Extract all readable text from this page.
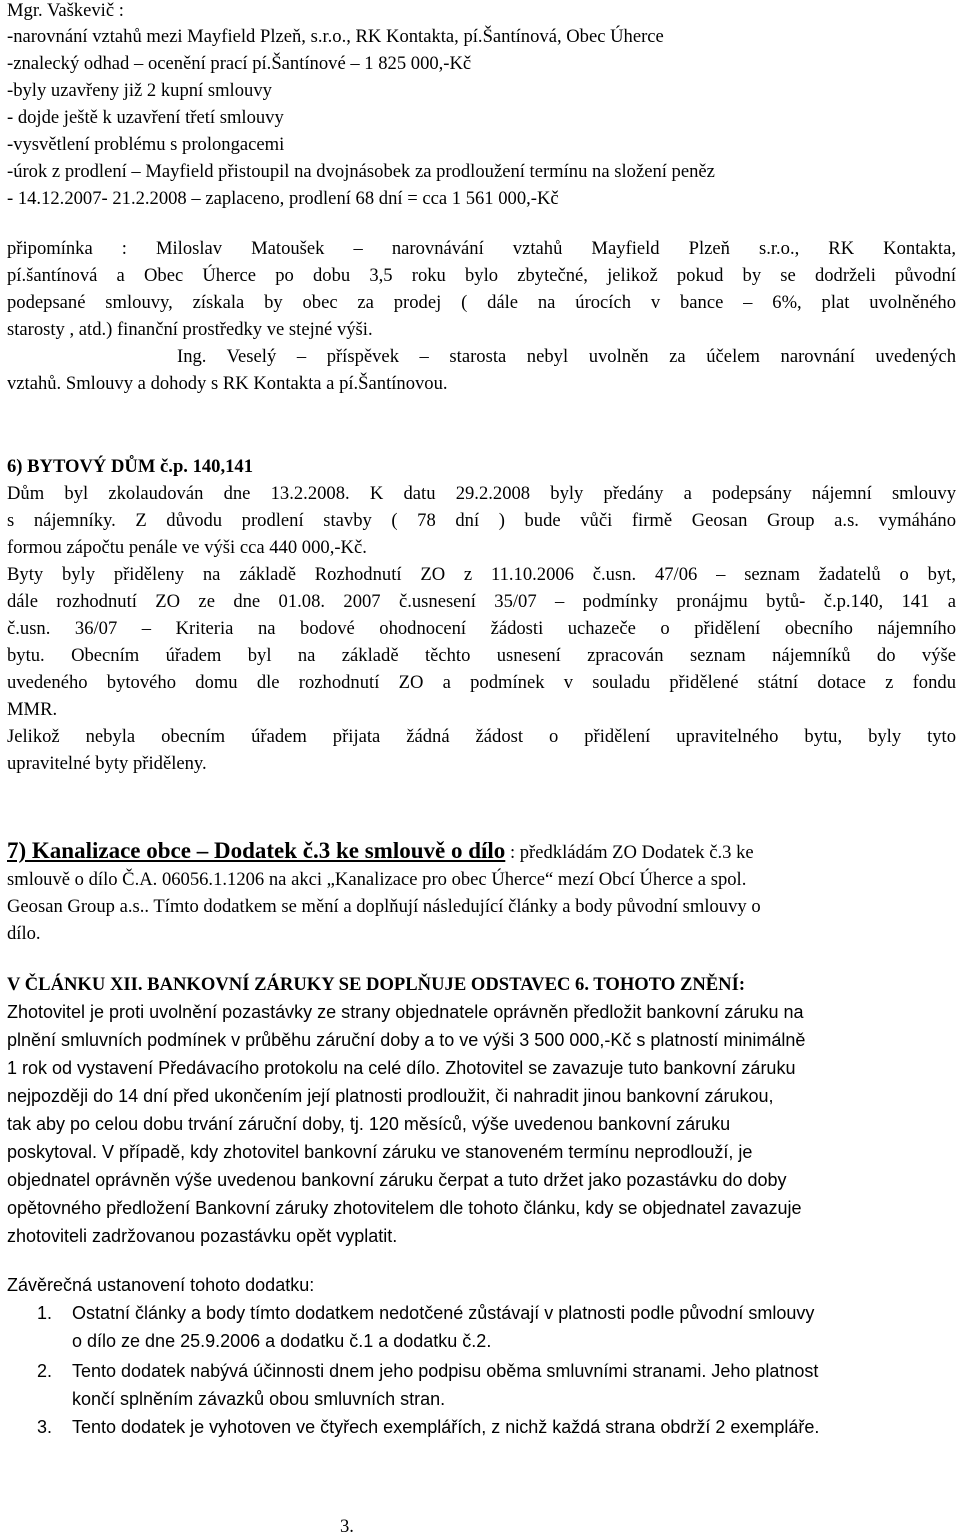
Mgr. Vaškevič :

-narovnání vztahů mezi Mayfield Plzeň, s.r.o., RK Kontakta, pí.Šantínová, Obec Úherce

-znalecký odhad – ocenění prací pí.Šantínové – 1 825 000,-Kč

-byly uzavřeny již 2 kupní smlouvy

- dojde ještě k uzavření třetí smlouvy

-vysvětlení problému s prolongacemi

-úrok z prodlení – Mayfield přistoupil na dvojnásobek za prodloužení termínu na složení peněz

- 14.12.2007- 21.2.2008 – zaplaceno, prodlení 68 dní = cca 1 561 000,-Kč

připomínka : Miloslav Matoušek – narovnávání vztahů Mayfield Plzeň s.r.o., RK Kontakta,

pí.šantínová a Obec Úherce po dobu 3,5 roku bylo zbytečné, jelikož pokud by se dodrželi původní

podepsané smlouvy, získala by obec za prodej ( dále na úrocích v bance – 6%, plat uvolněného

starosty , atd.) finanční prostředky ve stejné výši.

Ing. Veselý – příspěvek – starosta nebyl uvolněn za účelem narovnání uvedených

vztahů. Smlouvy a dohody s RK Kontakta a pí.Šantínovou.

6) BYTOVÝ DŮM č.p. 140,141

Dům byl zkolaudován dne 13.2.2008. K datu 29.2.2008 byly předány a podepsány nájemní smlouvy

s nájemníky. Z důvodu prodlení stavby ( 78 dní ) bude vůči firmě Geosan Group a.s. vymáháno

formou zápočtu penále ve výši cca 440 000,-Kč.

Byty byly přiděleny na základě Rozhodnutí ZO z 11.10.2006 č.usn. 47/06 – seznam žadatelů o byt,

dále rozhodnutí ZO ze dne 01.08. 2007 č.usnesení 35/07 – podmínky pronájmu bytů- č.p.140, 141 a

č.usn. 36/07 – Kriteria na bodové ohodnocení žádosti uchazeče o přidělení obecního nájemního

bytu. Obecním úřadem byl na základě těchto usnesení zpracován seznam nájemníků do výše

uvedeného bytového domu dle rozhodnutí ZO a podmínek v souladu přidělené státní dotace z fondu

MMR.

Jelikož nebyla obecním úřadem přijata žádná žádost o přidělení upravitelného bytu, byly tyto

upravitelné byty přiděleny.

7) Kanalizace obce – Dodatek č.3 ke smlouvě o dílo : předkládám ZO Dodatek č.3 ke

smlouvě o dílo Č.A. 06056.1.1206 na akci „Kanalizace pro obec Úherce“ mezí Obcí Úherce a spol.

Geosan Group a.s.. Tímto dodatkem se mění a doplňují následující články a body původní smlouvy o

dílo.

V ČLÁNKU XII. BANKOVNÍ ZÁRUKY SE DOPLŇUJE ODSTAVEC 6. TOHOTO ZNĚNÍ:

Zhotovitel je proti uvolnění pozastávky ze strany objednatele oprávněn předložit bankovní záruku na

plnění smluvních podmínek v průběhu záruční doby a to ve výši 3 500 000,-Kč s platností minimálně

1 rok od vystavení Předávacího protokolu na celé dílo. Zhotovitel se zavazuje tuto bankovní záruku

nejpozději do 14 dní před ukončením její platnosti prodloužit, či nahradit jinou bankovní zárukou,

tak aby po celou dobu trvání záruční doby, tj. 120 měsíců, výše uvedenou bankovní záruku

poskytoval. V případě, kdy zhotovitel bankovní záruku ve stanoveném termínu neprodlouží, je

objednatel oprávněn výše uvedenou bankovní záruku čerpat a tuto držet jako pozastávku do doby

opětovného předložení Bankovní záruky zhotovitelem dle tohoto článku, kdy se objednatel zavazuje

zhotoviteli zadržovanou pozastávku opět vyplatit.

Závěrečná ustanovení tohoto dodatku:

1. Ostatní články a body tímto dodatkem nedotčené zůstávají v platnosti podle původní smlouvy
o dílo ze dne 25.9.2006 a dodatku č.1 a dodatku č.2.
2. Tento dodatek nabývá účinnosti dnem jeho podpisu oběma smluvními stranami. Jeho platnost
končí splněním závazků obou smluvních stran.
3. Tento dodatek je vyhotoven ve čtyřech exemplářích, z nichž každá strana obdrží 2 exempláře.

3.
